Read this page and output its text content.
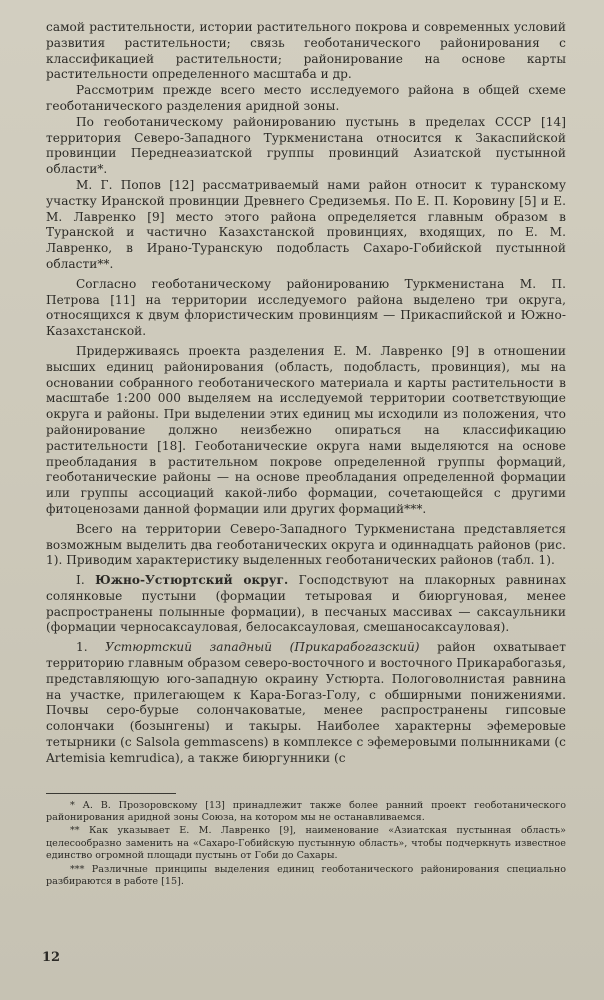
самой растительности, истории растительного покрова и современных условий развития растительности; связь геоботанического районирования с классификацией растительности; районирование на основе карты растительности определенного масштаба и др.

Рассмотрим прежде всего место исследуемого района в общей схеме геоботанического разделения аридной зоны.

По геоботаническому районированию пустынь в пределах СССР [14] территория Северо-Западного Туркменистана относится к Закаспийской провинции Переднеазиатской группы провинций Азиатской пустынной области*.

М. Г. Попов [12] рассматриваемый нами район относит к туранскому участку Иранской провинции Древнего Средиземья. По Е. П. Коровину [5] и Е. М. Лавренко [9] место этого района определяется главным образом в Туранской и частично Казахстанской провинциях, входящих, по Е. М. Лавренко, в Ирано-Туранскую подобласть Сахаро-Гобийской пустынной области**.

Согласно геоботаническому районированию Туркменистана М. П. Петрова [11] на территории исследуемого района выделено три округа, относящихся к двум флористическим провинциям — Прикаспийской и Южно-Казахстанской.

Придерживаясь проекта разделения Е. М. Лавренко [9] в отношении высших единиц районирования (область, подобласть, провинция), мы на основании собранного геоботанического материала и карты растительности в масштабе 1:200 000 выделяем на исследуемой территории соответствующие округа и районы. При выделении этих единиц мы исходили из положения, что районирование должно неизбежно опираться на классификацию растительности [18]. Геоботанические округа нами выделяются на основе преобладания в растительном покрове определенной группы формаций, геоботанические районы — на основе преобладания определенной формации или группы ассоциаций какой-либо формации, сочетающейся с другими фитоценозами данной формации или других формаций***.

Всего на территории Северо-Западного Туркменистана представляется возможным выделить два геоботанических округа и одиннадцать районов (рис. 1). Приводим характеристику выделенных геоботанических районов (табл. 1).

I. Южно-Устюртский округ. Господствуют на плакорных равнинах солянковые пустыни (формации тетыровая и биюргуновая, менее распространены полынные формации), в песчаных массивах — саксаульники (формации черносаксауловая, белосаксауловая, смешаносаксауловая).

1. Устюртский западный (Прикарабогазский) район охватывает территорию главным образом северо-восточного и восточного Прикарабогазья, представляющую юго-западную окраину Устюрта. Пологоволнистая равнина на участке, прилегающем к Кара-Богаз-Голу, с обширными понижениями. Почвы серо-бурые солончаковатые, менее распространены гипсовые солончаки (бозынгены) и такыры. Наиболее характерны эфемеровые тетырники (с Salsola gemmascens) в комплексе с эфемеровыми полынниками (с Artemisia kemrudica), а также биюргунники (с

* А. В. Прозоровскому [13] принадлежит также более ранний проект геоботанического районирования аридной зоны Союза, на котором мы не останавливаемся.

** Как указывает Е. М. Лавренко [9], наименование «Азиатская пустынная область» целесообразно заменить на «Сахаро-Гобийскую пустынную область», чтобы подчеркнуть известное единство огромной площади пустынь от Гоби до Сахары.

*** Различные принципы выделения единиц геоботанического районирования специально разбираются в работе [15].

12
